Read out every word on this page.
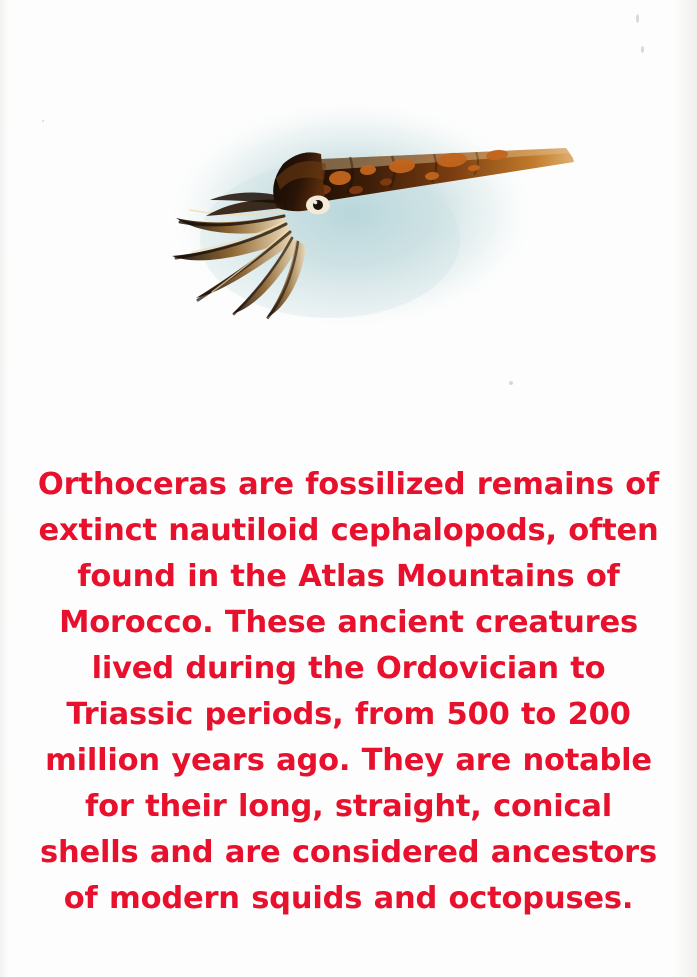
Orthoceras are fossilized remains of extinct nautiloid cephalopods, often found in the Atlas Mountains of Morocco. These ancient creatures lived during the Ordovician to Triassic periods, from 500 to 200 million years ago. They are notable for their long, straight, conical shells and are considered ancestors of modern squids and octopuses.
